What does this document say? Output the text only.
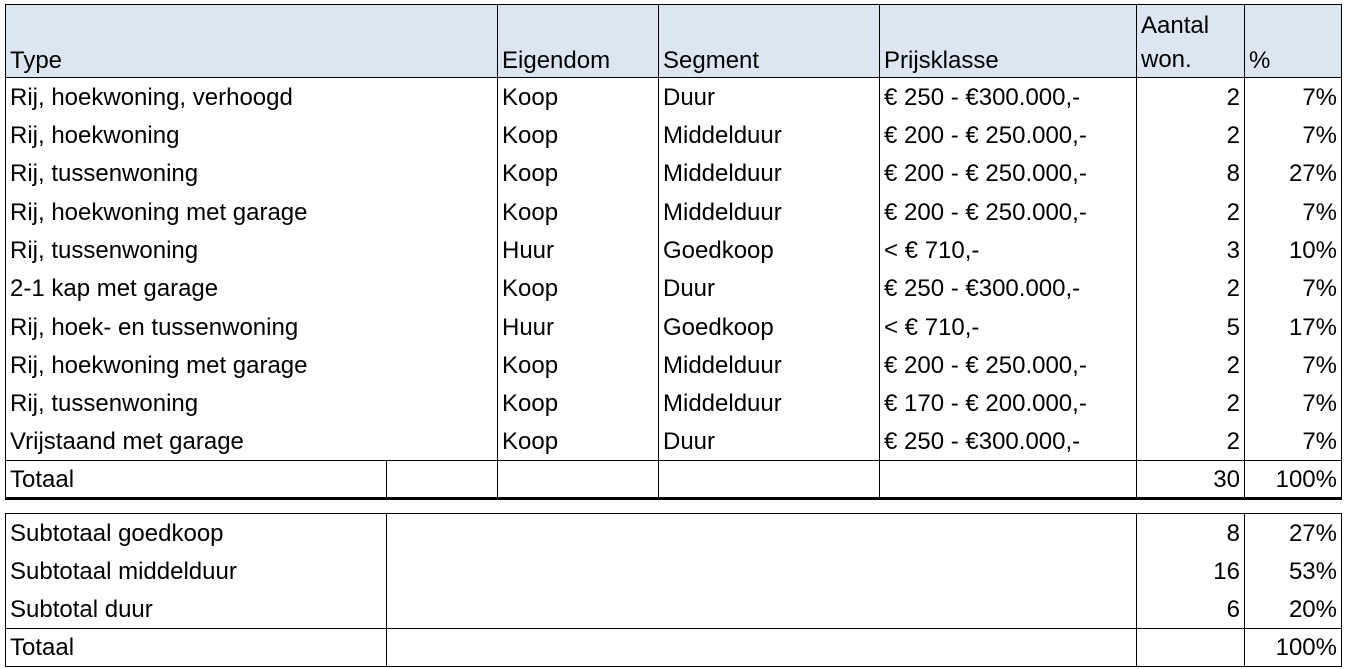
Type		Eigendom	Segment	Prijsklasse	Aantal
won.	%
Rij, hoekwoning, verhoogd		Koop	Duur	€ 250 - €300.000,-	2	7%
Rij, hoekwoning		Koop	Middelduur	€ 200 - € 250.000,-	2	7%
Rij, tussenwoning		Koop	Middelduur	€ 200 - € 250.000,-	8	27%
Rij, hoekwoning met garage		Koop	Middelduur	€ 200 - € 250.000,-	2	7%
Rij, tussenwoning		Huur	Goedkoop	< € 710,-	3	10%
2-1 kap met garage		Koop	Duur	€ 250 - €300.000,-	2	7%
Rij, hoek- en tussenwoning		Huur	Goedkoop	< € 710,-	5	17%
Rij, hoekwoning met garage		Koop	Middelduur	€ 200 - € 250.000,-	2	7%
Rij, tussenwoning		Koop	Middelduur	€ 170 - € 200.000,-	2	7%
Vrijstaand met garage		Koop	Duur	€ 250 - €300.000,-	2	7%
Totaal					30	100%
Subtotaal goedkoop		8	27%
Subtotaal middelduur		16	53%
Subtotal duur		6	20%
Totaal			100%
